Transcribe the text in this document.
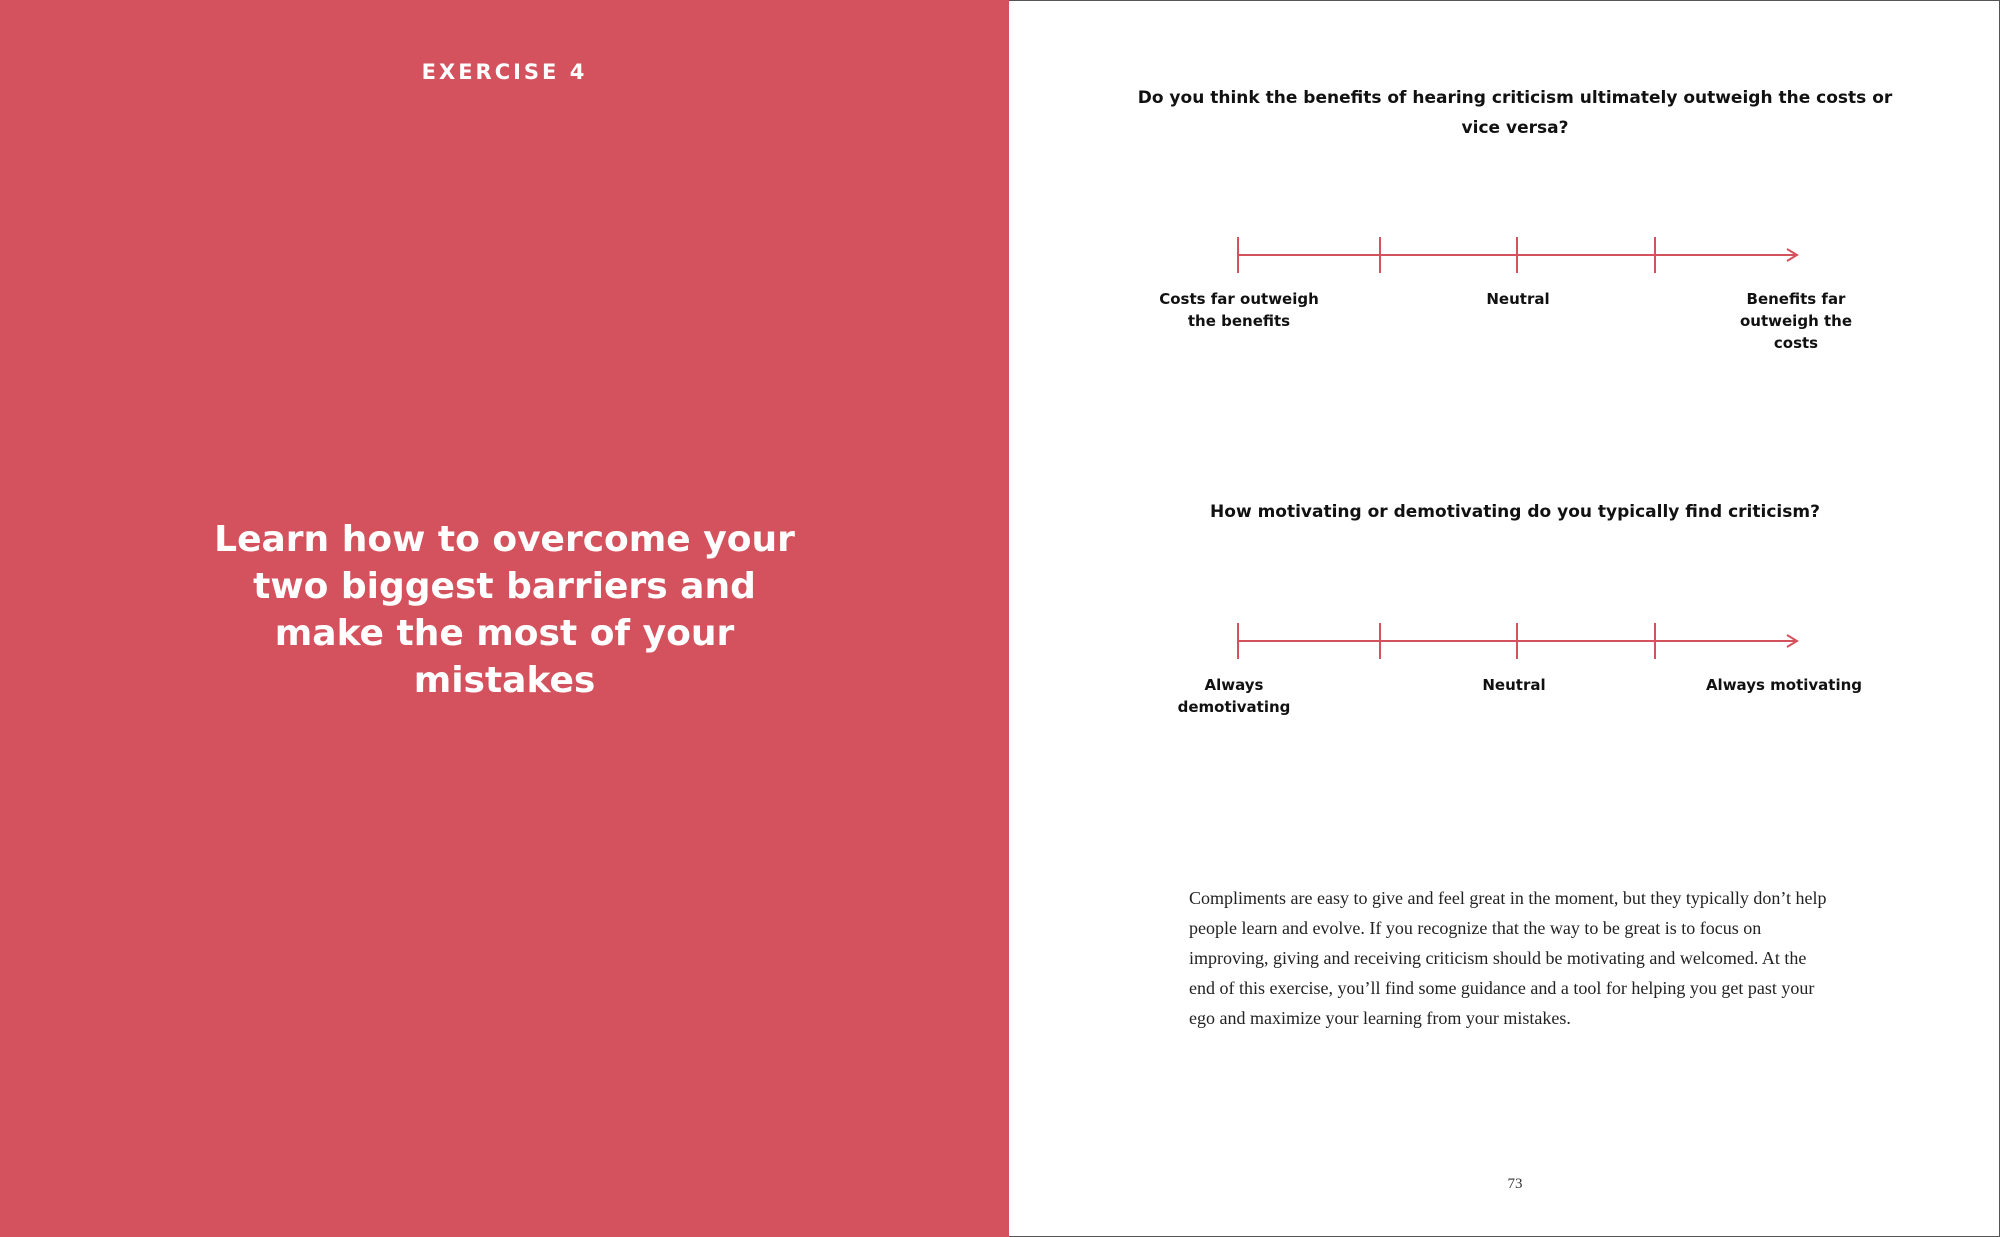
EXERCISE 4
Learn how to overcome your two biggest barriers and make the most of your mistakes

Do you think the benefits of hearing criticism ultimately outweigh the costs or vice versa?

Costs far outweigh the benefits
Neutral	Benefits far outweigh the costs

How motivating or demotivating do you typically find criticism?

Always demotivating
Neutral	Always motivating

Compliments are easy to give and feel great in the moment, but they typically don’t help people learn and evolve. If you recognize that the way to be great is to focus on improving, giving and receiving criticism should be motivating and welcomed. At the end of this exercise, you’ll find some guidance and a tool for helping you get past your ego and maximize your learning from your mistakes.

73
